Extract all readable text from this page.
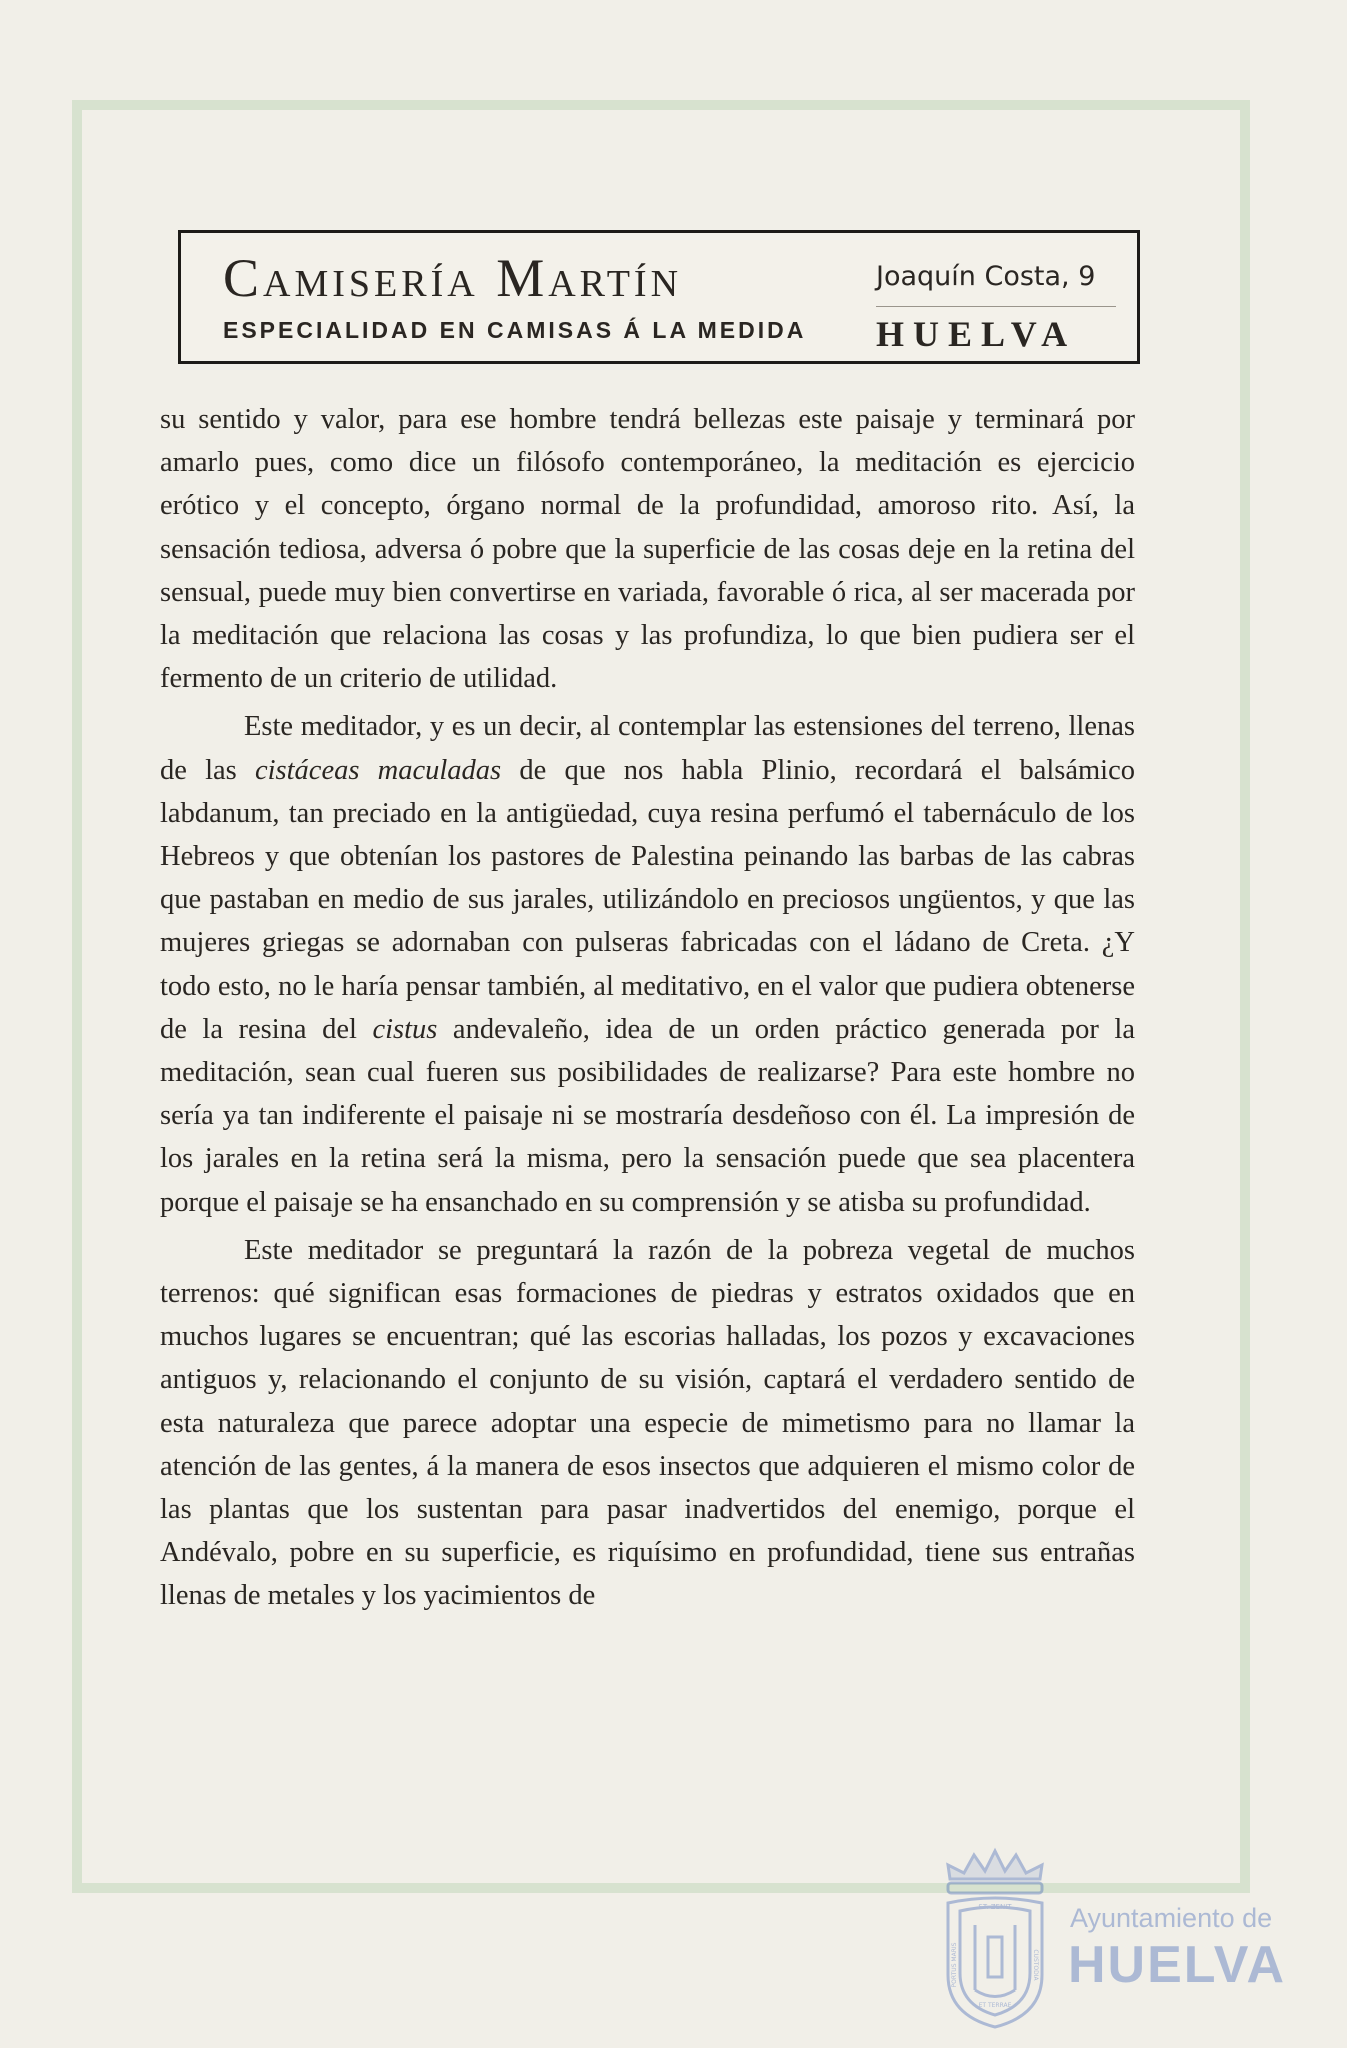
Camisería Martín
ESPECIALIDAD EN CAMISAS Á LA MEDIDA
Joaquín Costa, 9
HUELVA

su sentido y valor, para ese hombre tendrá bellezas este paisaje y terminará por amarlo pues, como dice un filósofo contemporáneo, la meditación es ejercicio erótico y el concepto, órgano normal de la profundidad, amoroso rito. Así, la sensación tediosa, adversa ó pobre que la superficie de las cosas deje en la retina del sensual, puede muy bien convertirse en variada, favorable ó rica, al ser macerada por la meditación que relaciona las cosas y las profundiza, lo que bien pudiera ser el fermento de un criterio de utilidad.

Este meditador, y es un decir, al contemplar las estensiones del terreno, llenas de las cistáceas maculadas de que nos habla Plinio, recordará el balsámico labdanum, tan preciado en la antigüedad, cuya resina perfumó el tabernáculo de los Hebreos y que obtenían los pastores de Palestina peinando las barbas de las cabras que pastaban en medio de sus jarales, utilizándolo en preciosos ungüentos, y que las mujeres griegas se adornaban con pulseras fabricadas con el ládano de Creta. ¿Y todo esto, no le haría pensar también, al meditativo, en el valor que pudiera obtenerse de la resina del cistus andevaleño, idea de un orden práctico generada por la meditación, sean cual fueren sus posibilidades de realizarse? Para este hombre no sería ya tan indiferente el paisaje ni se mostraría desdeñoso con él. La impresión de los jarales en la retina será la misma, pero la sensación puede que sea placentera porque el paisaje se ha ensanchado en su comprensión y se atisba su profundidad.

Este meditador se preguntará la razón de la pobreza vegetal de muchos terrenos: qué significan esas formaciones de piedras y estratos oxidados que en muchos lugares se encuentran; qué las escorias halladas, los pozos y excavaciones antiguos y, relacionando el conjunto de su visión, captará el verdadero sentido de esta naturaleza que parece adoptar una especie de mimetismo para no llamar la atención de las gentes, á la manera de esos insectos que adquieren el mismo color de las plantas que los sustentan para pasar inadvertidos del enemigo, porque el Andévalo, pobre en su superficie, es riquísimo en profundidad, tiene sus entrañas llenas de metales y los yacimientos de

ST. ZENIT
PORTUS MARIS
ET TERRAE
CUSTODIA
Ayuntamiento de
HUELVA
